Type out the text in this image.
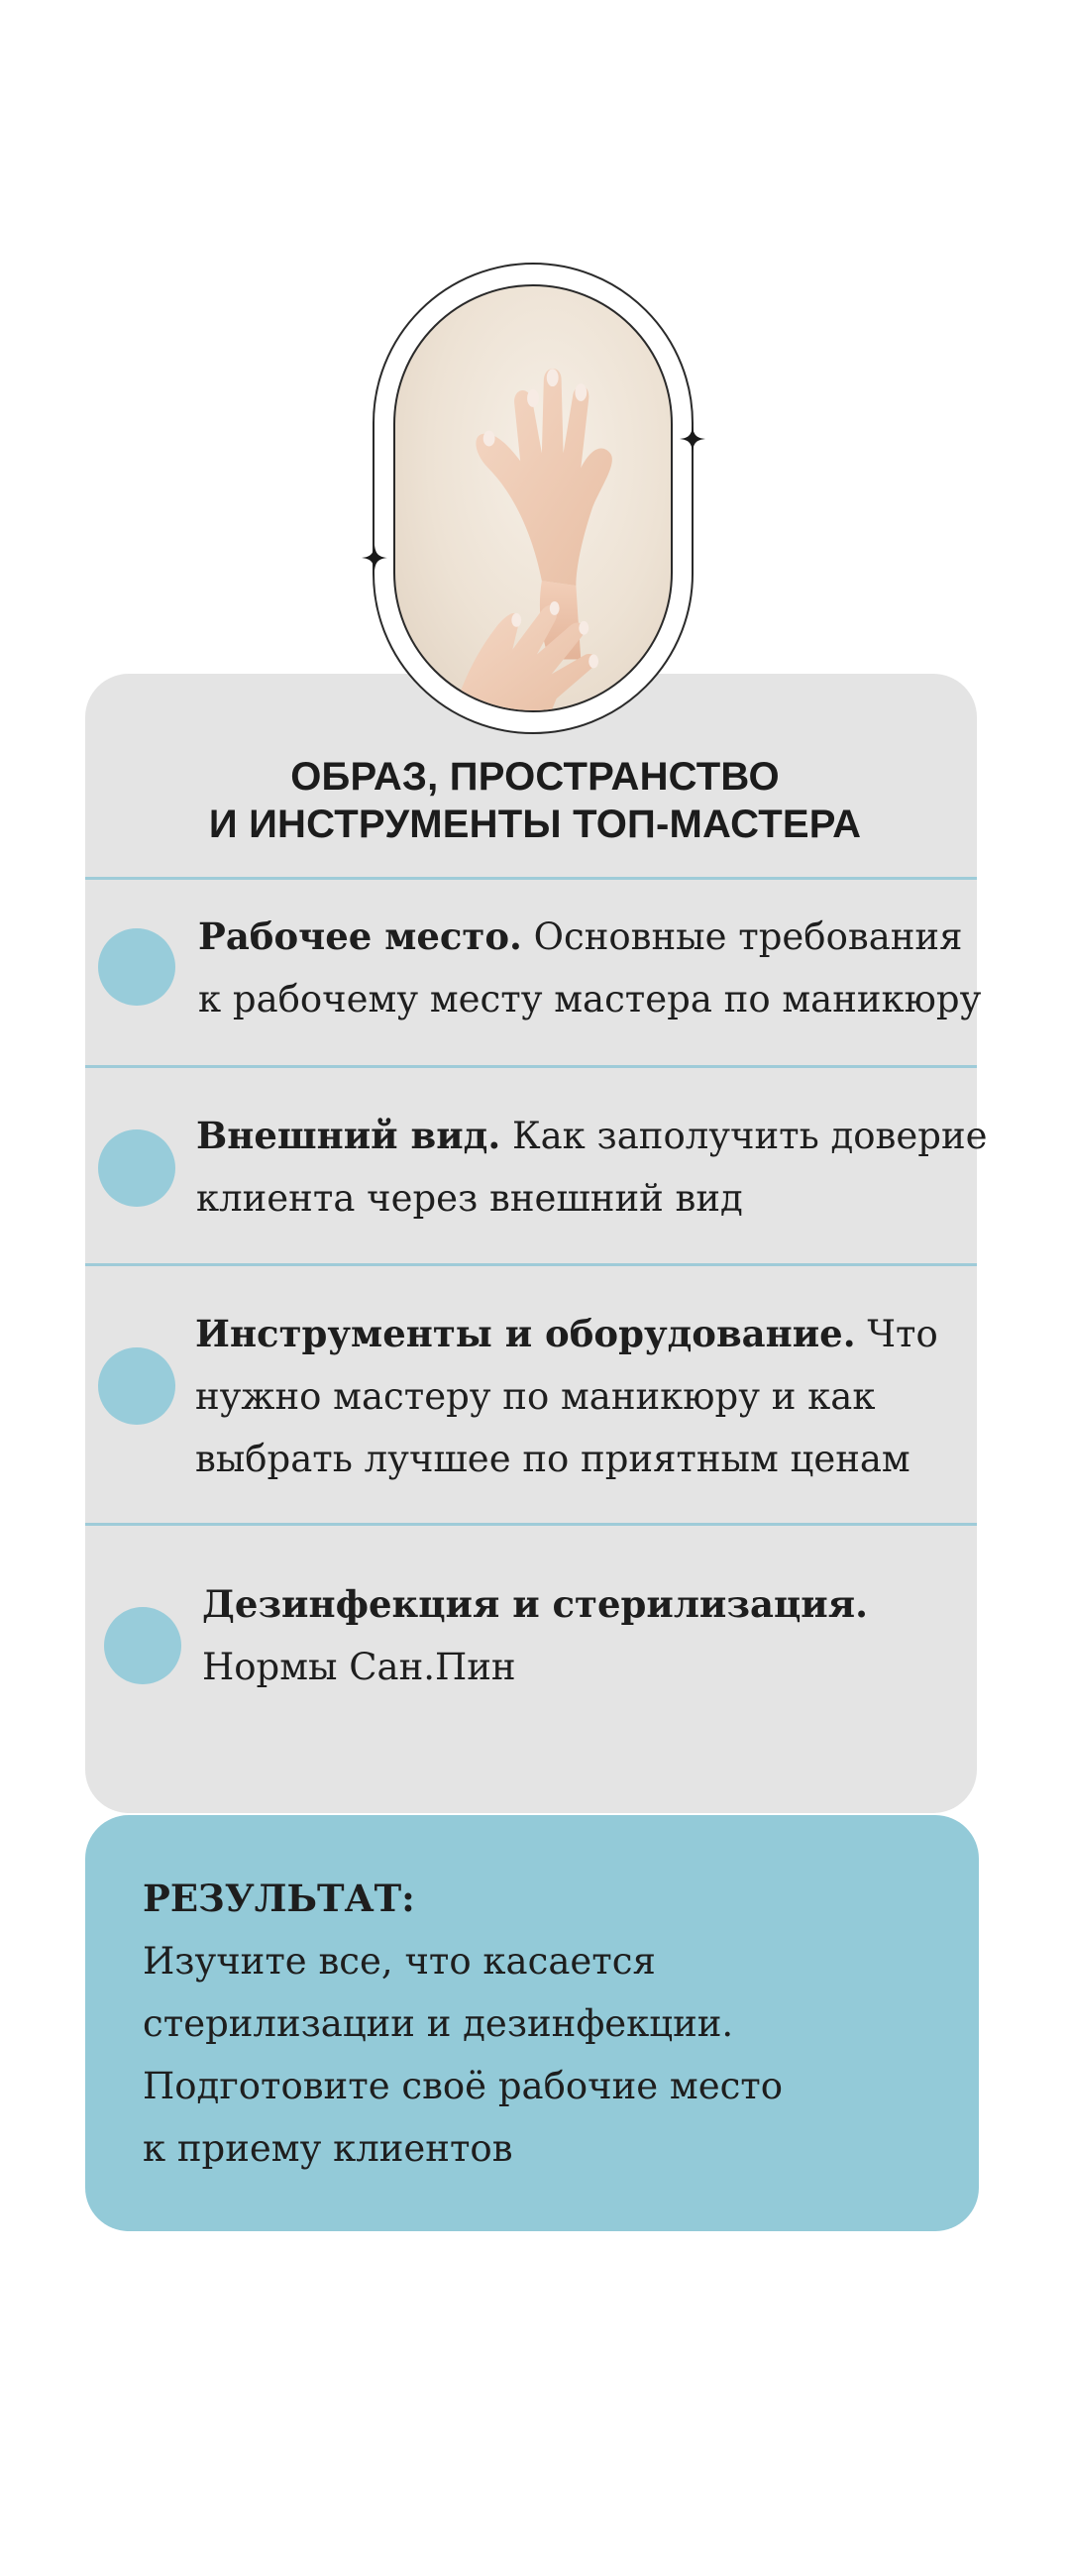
ОБРАЗ, ПРОСТРАНСТВО
И ИНСТРУМЕНТЫ ТОП-МАСТЕРА
Рабочее место. Основные требования
к рабочему месту мастера по маникюру
Внешний вид. Как заполучить доверие
клиента через внешний вид
Инструменты и оборудование. Что
нужно мастеру по маникюру и как
выбрать лучшее по приятным ценам
Дезинфекция и стерилизация.
Нормы Сан.Пин
РЕЗУЛЬТАТ:
Изучите все, что касается
стерилизации и дезинфекции.
Подготовите своё рабочие место
к приему клиентов
